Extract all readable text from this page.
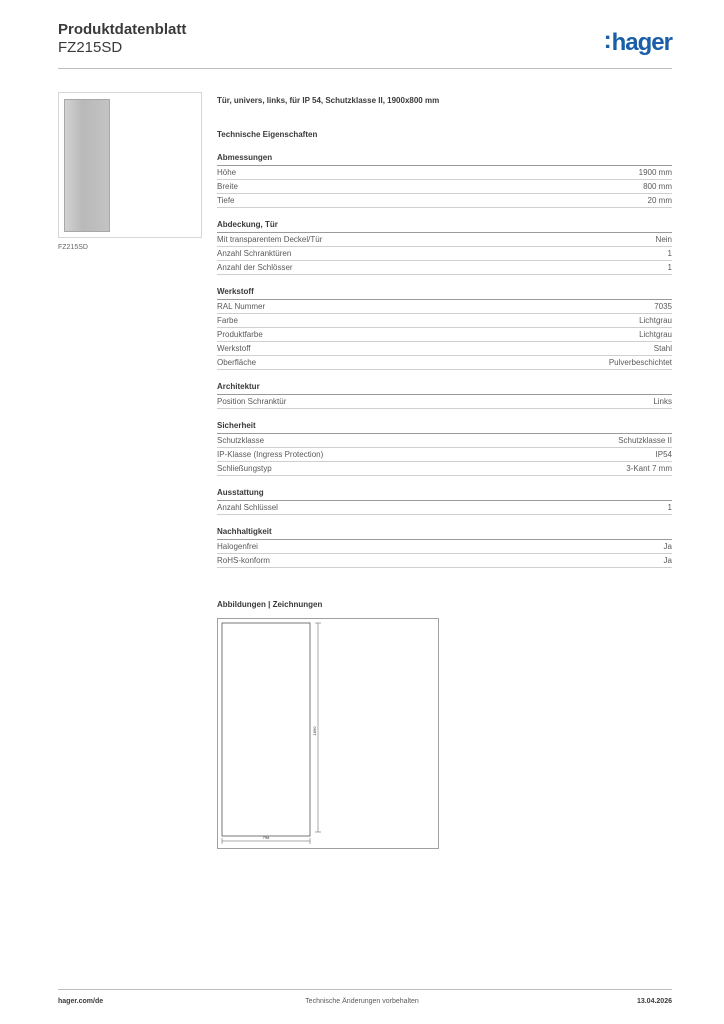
Produktdatenblatt
FZ215SD	:hager
FZ215SD
Tür, univers, links, für IP 54, Schutzklasse II, 1900x800 mm
Technische Eigenschaften
Abmessungen
Höhe	1900 mm
Breite	800 mm
Tiefe	20 mm
Abdeckung, Tür
Mit transparentem Deckel/Tür	Nein
Anzahl Schranktüren	1
Anzahl der Schlösser	1
Werkstoff
RAL Nummer	7035
Farbe	Lichtgrau
Produktfarbe	Lichtgrau
Werkstoff	Stahl
Oberfläche	Pulverbeschichtet
Architektur
Position Schranktür	Links
Sicherheit
Schutzklasse	Schutzklasse II
IP-Klasse (Ingress Protection)	IP54
Schließungstyp	3-Kant 7 mm
Ausstattung
Anzahl Schlüssel	1
Nachhaltigkeit
Halogenfrei	Ja
RoHS-konform	Ja
Abbildungen | Zeichnungen
1890
798
hager.com/de	Technische Änderungen vorbehalten	13.04.2026
